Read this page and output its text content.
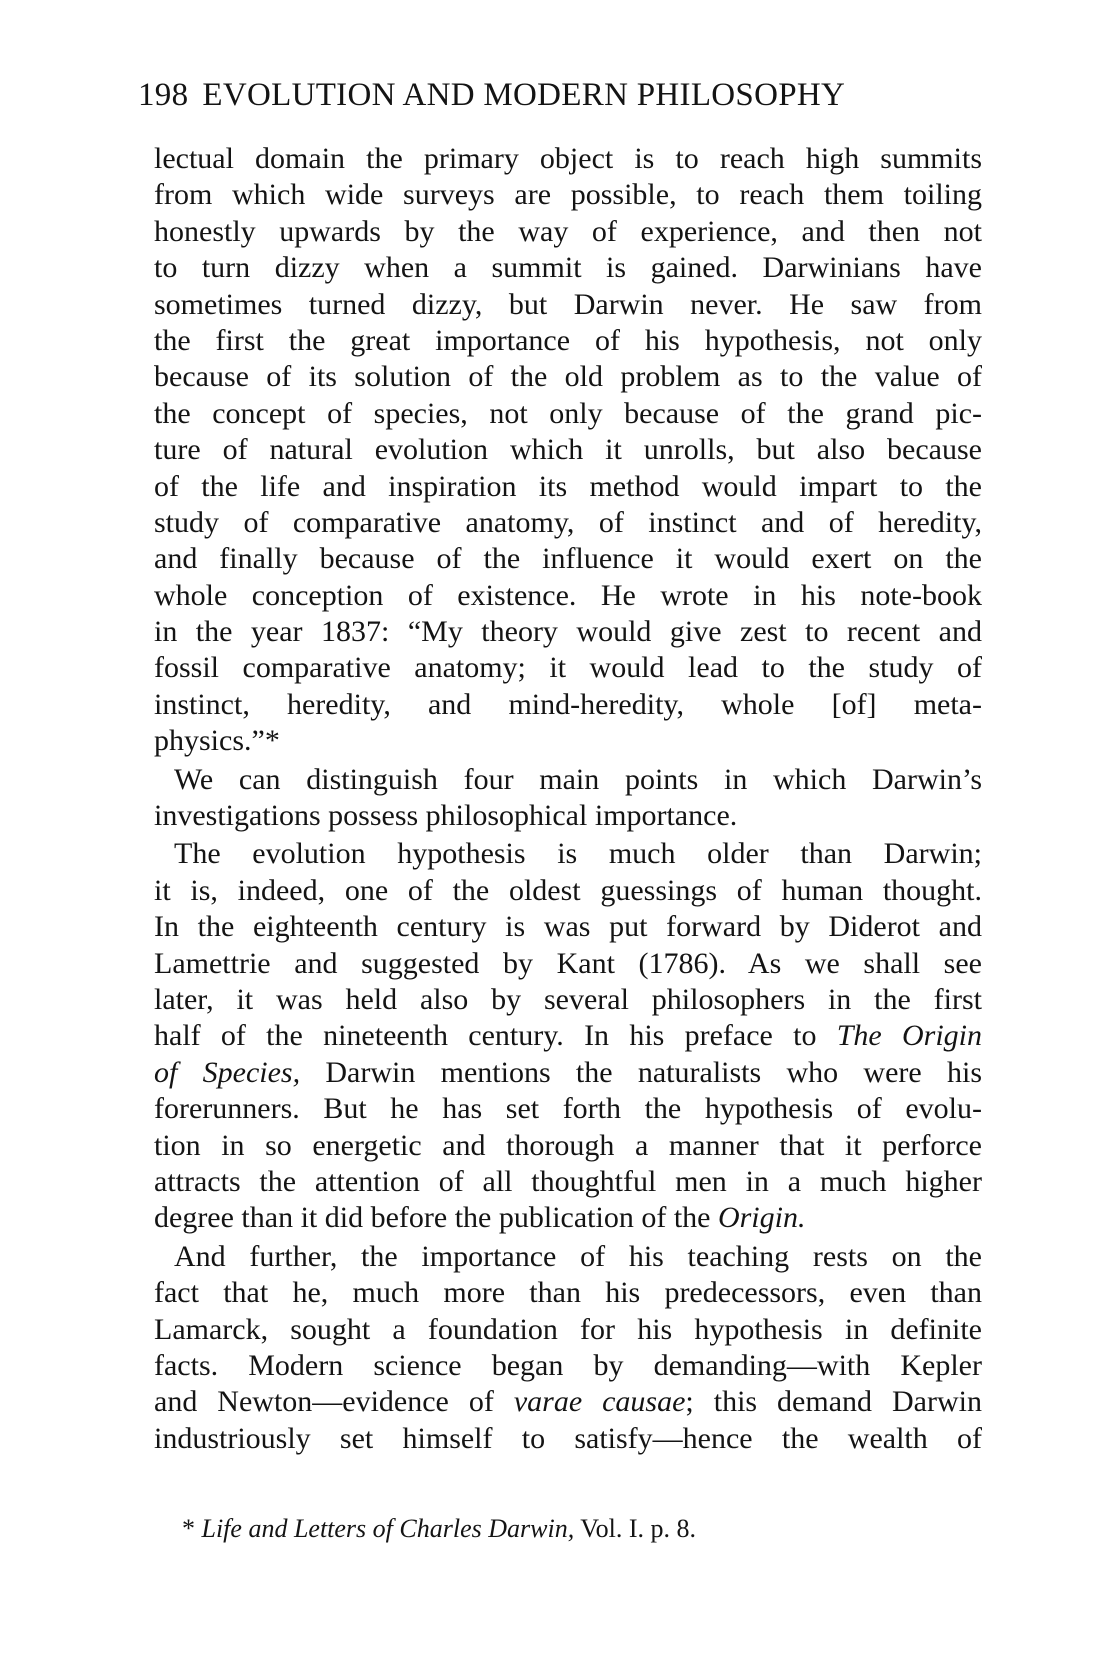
198 EVOLUTION AND MODERN PHILOSOPHY
lectual domain the primary object is to reach high summits
from which wide surveys are possible, to reach them toiling
honestly upwards by the way of experience, and then not
to turn dizzy when a summit is gained. Darwinians have
sometimes turned dizzy, but Darwin never. He saw from
the first the great importance of his hypothesis, not only
because of its solution of the old problem as to the value of
the concept of species, not only because of the grand pic-
ture of natural evolution which it unrolls, but also because
of the life and inspiration its method would impart to the
study of comparative anatomy, of instinct and of heredity,
and finally because of the influence it would exert on the
whole conception of existence. He wrote in his note-book
in the year 1837: “My theory would give zest to recent and
fossil comparative anatomy; it would lead to the study of
instinct, heredity, and mind-heredity, whole [of] meta-
physics.”*
We can distinguish four main points in which Darwin’s
investigations possess philosophical importance.
The evolution hypothesis is much older than Darwin;
it is, indeed, one of the oldest guessings of human thought.
In the eighteenth century is was put forward by Diderot and
Lamettrie and suggested by Kant (1786). As we shall see
later, it was held also by several philosophers in the first
half of the nineteenth century. In his preface to The Origin
of Species, Darwin mentions the naturalists who were his
forerunners. But he has set forth the hypothesis of evolu-
tion in so energetic and thorough a manner that it perforce
attracts the attention of all thoughtful men in a much higher
degree than it did before the publication of the Origin.
And further, the importance of his teaching rests on the
fact that he, much more than his predecessors, even than
Lamarck, sought a foundation for his hypothesis in definite
facts. Modern science began by demanding—with Kepler
and Newton—evidence of varae causae; this demand Darwin
industriously set himself to satisfy—hence the wealth of
* Life and Letters of Charles Darwin, Vol. I. p. 8.
